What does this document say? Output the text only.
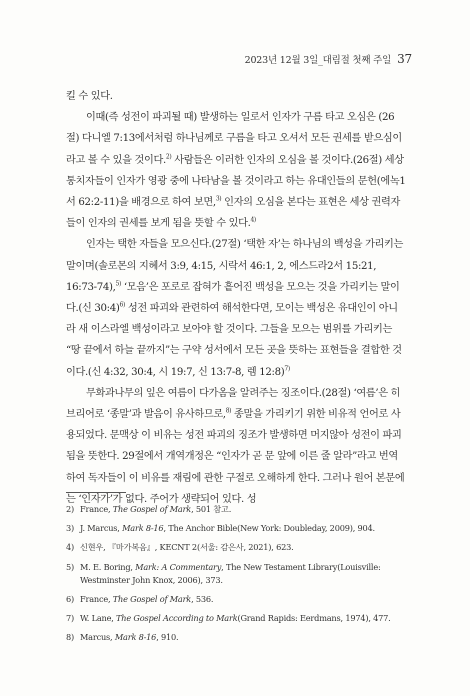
2023년 12월 3일_대림절 첫째 주일 37

킬 수 있다.

이때(즉 성전이 파괴될 때) 발생하는 일로서 인자가 구름 타고 오심은 (26절) 다니엘 7:13에서처럼 하나님께로 구름을 타고 오셔서 모든 권세를 받으심이라고 볼 수 있을 것이다.$^{2)}$ 사람들은 이러한 인자의 오심을 볼 것이다.(26절) 세상 통치자들이 인자가 영광 중에 나타남을 볼 것이라고 하는 유대인들의 문헌(에녹1서 62:2-11)을 배경으로 하여 보면,$^{3)}$ 인자의 오심을 본다는 표현은 세상 권력자들이 인자의 권세를 보게 됨을 뜻할 수 있다.$^{4)}$

인자는 택한 자들을 모으신다.(27절) ‘택한 자’는 하나님의 백성을 가리키는 말이며(솔로몬의 지혜서 3:9, 4:15, 시락서 46:1, 2, 에스드라2서 15:21, 16:73-74),$^{5)}$ ‘모음’은 포로로 잡혀가 흩어진 백성을 모으는 것을 가리키는 말이다.(신 30:4)$^{6)}$ 성전 파괴와 관련하여 해석한다면, 모이는 백성은 유대인이 아니라 새 이스라엘 백성이라고 보아야 할 것이다. 그들을 모으는 범위를 가리키는 “땅 끝에서 하늘 끝까지”는 구약 성서에서 모든 곳을 뜻하는 표현들을 결합한 것이다.(신 4:32, 30:4, 시 19:7, 신 13:7-8, 렘 12:8)$^{7)}$

무화과나무의 잎은 여름이 다가옴을 알려주는 징조이다.(28절) ‘여름’은 히브리어로 ‘종말’과 발음이 유사하므로,$^{8)}$ 종말을 가리키기 위한 비유적 언어로 사용되었다. 문맥상 이 비유는 성전 파괴의 징조가 발생하면 머지않아 성전이 파괴됨을 뜻한다. 29절에서 개역개정은 “인자가 곧 문 앞에 이른 줄 알라”라고 번역하여 독자들이 이 비유를 재림에 관한 구절로 오해하게 한다. 그러나 원어 본문에는 ‘인자가’가 없다. 주어가 생략되어 있다. 성

2) France, The Gospel of Mark, 501 참고.
3) J. Marcus, Mark 8-16, The Anchor Bible(New York: Doubleday, 2009), 904.
4) 신현우, 『마가복음』, KECNT 2(서울: 감은사, 2021), 623.
5) M. E. Boring, Mark: A Commentary, The New Testament Library(Louisville: Westminster John Knox, 2006), 373.
6) France, The Gospel of Mark, 536.
7) W. Lane, The Gospel According to Mark(Grand Rapids: Eerdmans, 1974), 477.
8) Marcus, Mark 8-16, 910.
